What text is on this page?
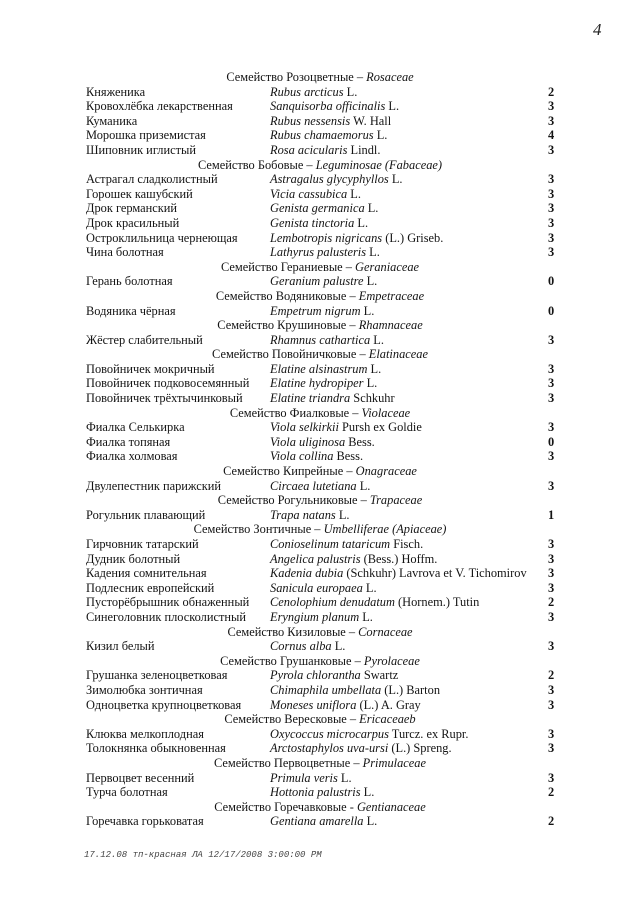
4
Семейство Розоцветные – Rosaceae
Княженика	Rubus arcticus L.	2
Кровохлёбка лекарственная	Sanquisorba officinalis L.	3
Куманика	Rubus nessensis W. Hall	3
Морошка приземистая	Rubus chamaemorus L.	4
Шиповник иглистый	Rosa acicularis Lindl.	3
Семейство Бобовые – Leguminosae (Fabaceae)
Астрагал сладколистный	Astragalus glycyphyllos L.	3
Горошек кашубский	Vicia cassubica L.	3
Дрок германский	Genista germanica L.	3
Дрок красильный	Genista tinctoria L.	3
Остроклильница чернеющая	Lembotropis nigricans (L.) Griseb.	3
Чина болотная	Lathyrus palusteris L.	3
Семейство Гераниевые – Geraniaceae
Герань болотная	Geranium palustre L.	0
Семейство Водяниковые – Empetraceae
Водяника чёрная	Empetrum nigrum L.	0
Семейство Крушиновые – Rhamnaceae
Жёстер слабительный	Rhamnus cathartica L.	3
Семейство Повойничковые – Elatinaceae
Повойничек мокричный	Elatine alsinastrum L.	3
Повойничек подковосемянный Elatine hydropiper L.	3
Повойничек трёхтычинковый Elatine triandra Schkuhr	3
Семейство Фиалковые – Violaceae
Фиалка Селькирка	Viola selkirkii Pursh ex Goldie	3
Фиалка топяная	Viola uliginosa Bess.	0
Фиалка холмовая	Viola collina Bess.	3
Семейство Кипрейные – Onagraceae
Двулепестник парижский	Circaea lutetiana L.	3
Семейство Рогульниковые – Trapaceae
Рогульник плавающий	Trapa natans L.	1
Семейство Зонтичные – Umbelliferae (Apiaceae)
Гирчовник татарский	Conioselinum tataricum Fisch.	3
Дудник болотный	Angelica palustris (Bess.) Hoffm.	3
Кадения сомнительная	Kadenia dubia (Schkuhr) Lavrova et V. Tichomirov 3
Подлесник европейский	Sanicula europaea L.	3
Пусторёбрышник обнаженный Cenolophium denudatum (Hornem.) Tutin	2
Синеголовник плосколистный Eryngium planum L.	3
Семейство Кизиловые – Cornaceae
Кизил белый	Cornus alba L.	3
Семейство Грушанковые – Pyrolaceae
Грушанка зеленоцветковая	Pyrola chlorantha Swartz	2
Зимолюбка зонтичная	Chimaphila umbellata (L.) Barton	3
Одноцветка крупноцветковая Moneses uniflora (L.) A. Gray	3
Семейство Вересковые – Ericaceaeb
Клюква мелкоплодная	Oxycoccus microcarpus Turcz. ex Rupr.	3
Толокнянка обыкновенная	Arctostaphylos uva-ursi (L.) Spreng.	3
Семейство Первоцветные – Primulaceae
Первоцвет весенний	Primula veris L.	3
Турча болотная	Hottonia palustris L.	2
Семейство Горечавковые - Gentianaceae
Горечавка горьковатая	Gentiana amarella L.	2
17.12.08 тп-красная ЛА 12/17/2008 3:00:00 PM
